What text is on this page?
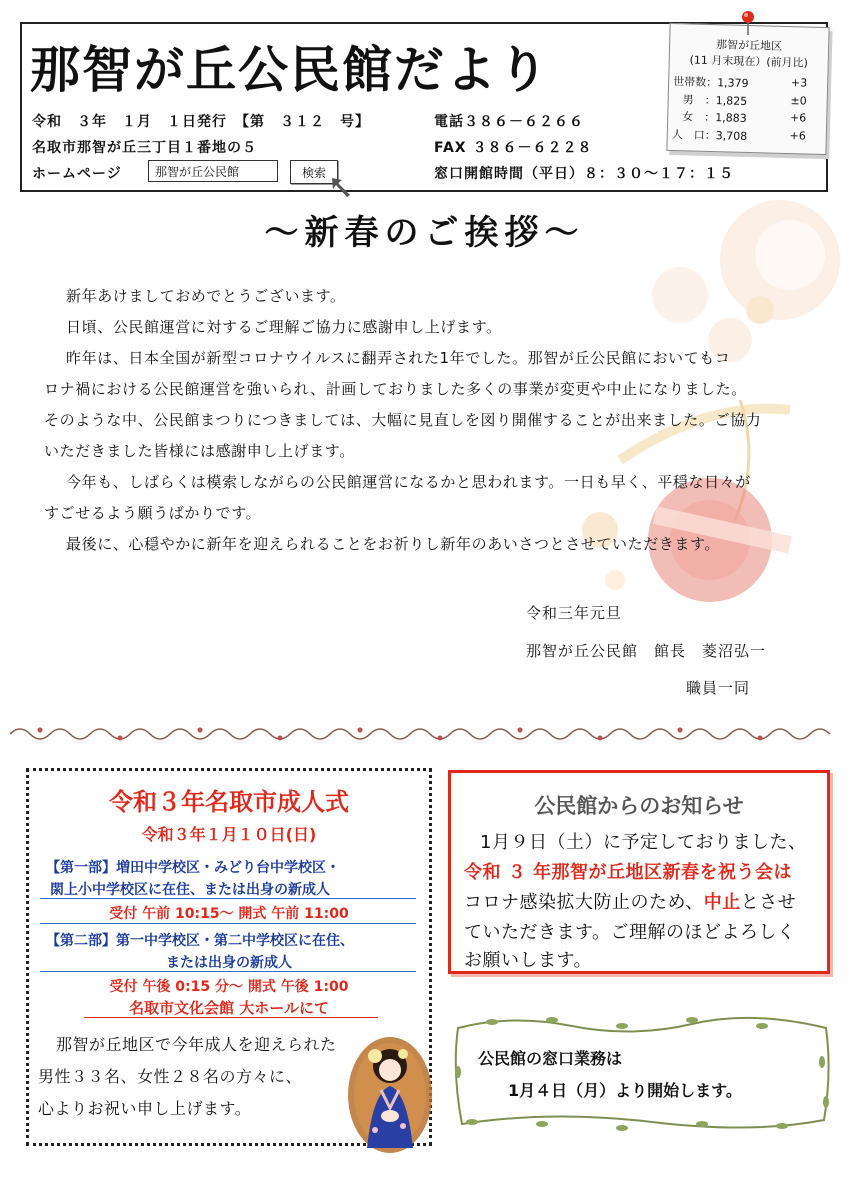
那智が丘公民館だより
令和　３年　１月　１日発行　【第　３１２　号】	電話３８６－６２６６
名取市那智が丘三丁目１番地の５	FAX ３８６－６２２８
ホームページ	那智が丘公民館	検索	窓口開館時間（平日）８：３０～１７：１５
那智が丘地区
(11 月末現在）(前月比)
世帯数：1,379	+3
男　：1,825	±0
女　：1,883	+6
人　口：3,708	+6
～新春のご挨拶～
新年あけましておめでとうございます。
日頃、公民館運営に対するご理解ご協力に感謝申し上げます。
昨年は、日本全国が新型コロナウイルスに翻弄された1年でした。那智が丘公民館においてもコ
ロナ禍における公民館運営を強いられ、計画しておりました多くの事業が変更や中止になりました。
そのような中、公民館まつりにつきましては、大幅に見直しを図り開催することが出来ました。ご協力
いただきました皆様には感謝申し上げます。
今年も、しばらくは模索しながらの公民館運営になるかと思われます。一日も早く、平穏な日々が
すごせるよう願うばかりです。
最後に、心穏やかに新年を迎えられることをお祈りし新年のあいさつとさせていただきます。
令和三年元旦
那智が丘公民館　館長　菱沼弘一
職員一同
令和３年名取市成人式
令和３年１月１０日(日)
【第一部】増田中学校区・みどり台中学校区・
閖上小中学校区に在住、または出身の新成人
受付 午前 10:15～ 開式 午前 11:00
【第二部】第一中学校区・第二中学校区に在住、
または出身の新成人
受付 午後 0:15 分～ 開式 午後 1:00
名取市文化会館 大ホールにて
那智が丘地区で今年成人を迎えられた
男性３３名、女性２８名の方々に、
心よりお祝い申し上げます。
公民館からのお知らせ
1月９日（土）に予定しておりました、
令和 ３ 年那智が丘地区新春を祝う会は
コロナ感染拡大防止のため、中止とさせ
ていただきます。ご理解のほどよろしく
お願いします。
公民館の窓口業務は
1月４日（月）より開始します。
